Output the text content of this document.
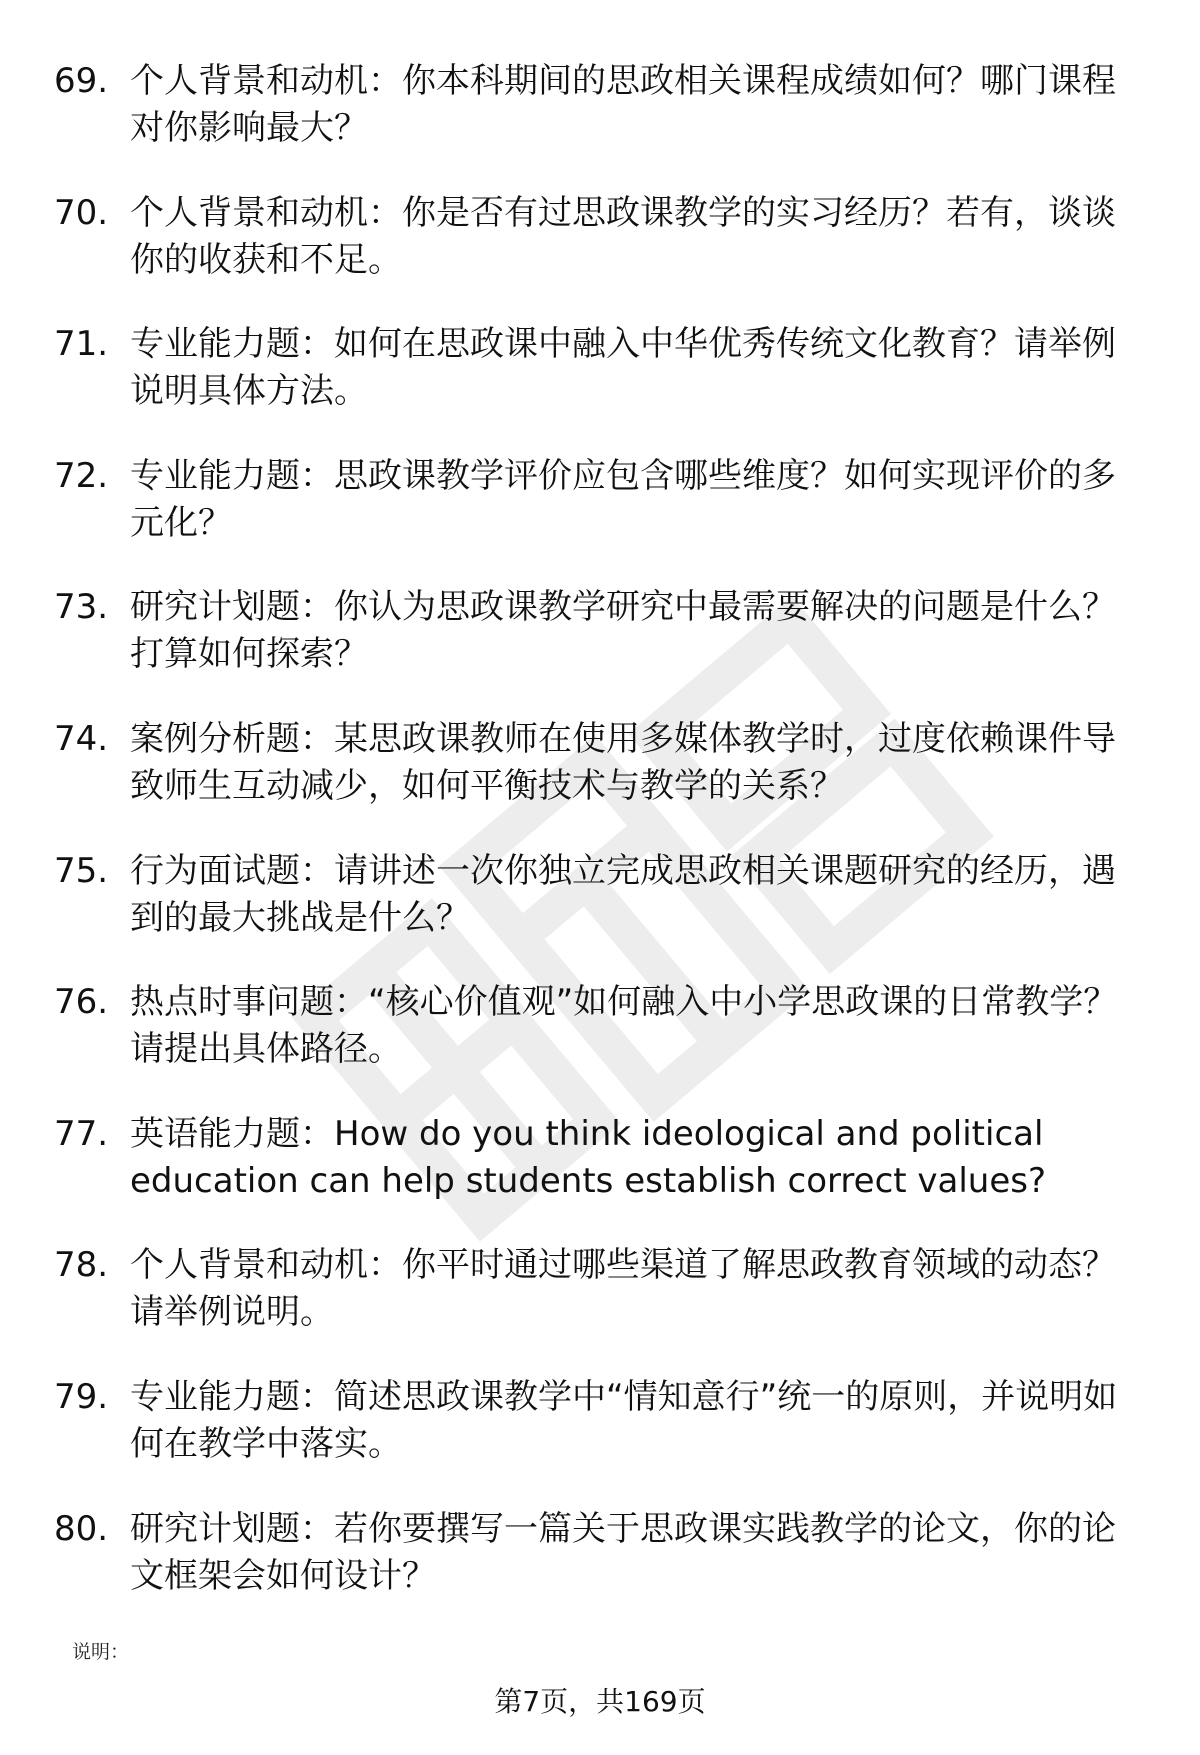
69. 个人背景和动机：你本科期间的思政相关课程成绩如何？哪门课程对你影响最大？
70. 个人背景和动机：你是否有过思政课教学的实习经历？若有，谈谈你的收获和不足。
71. 专业能力题：如何在思政课中融入中华优秀传统文化教育？请举例说明具体方法。
72. 专业能力题：思政课教学评价应包含哪些维度？如何实现评价的多元化？
73. 研究计划题：你认为思政课教学研究中最需要解决的问题是什么？打算如何探索？
74. 案例分析题：某思政课教师在使用多媒体教学时，过度依赖课件导致师生互动减少，如何平衡技术与教学的关系？
75. 行为面试题：请讲述一次你独立完成思政相关课题研究的经历，遇到的最大挑战是什么？
76. 热点时事问题：“核心价值观”如何融入中小学思政课的日常教学？请提出具体路径。
77. 英语能力题：How do you think ideological and political education can help students establish correct values?
78. 个人背景和动机：你平时通过哪些渠道了解思政教育领域的动态？请举例说明。
79. 专业能力题：简述思政课教学中“情知意行”统一的原则，并说明如何在教学中落实。
80. 研究计划题：若你要撰写一篇关于思政课实践教学的论文，你的论文框架会如何设计？
说明：
第7页，共169页
